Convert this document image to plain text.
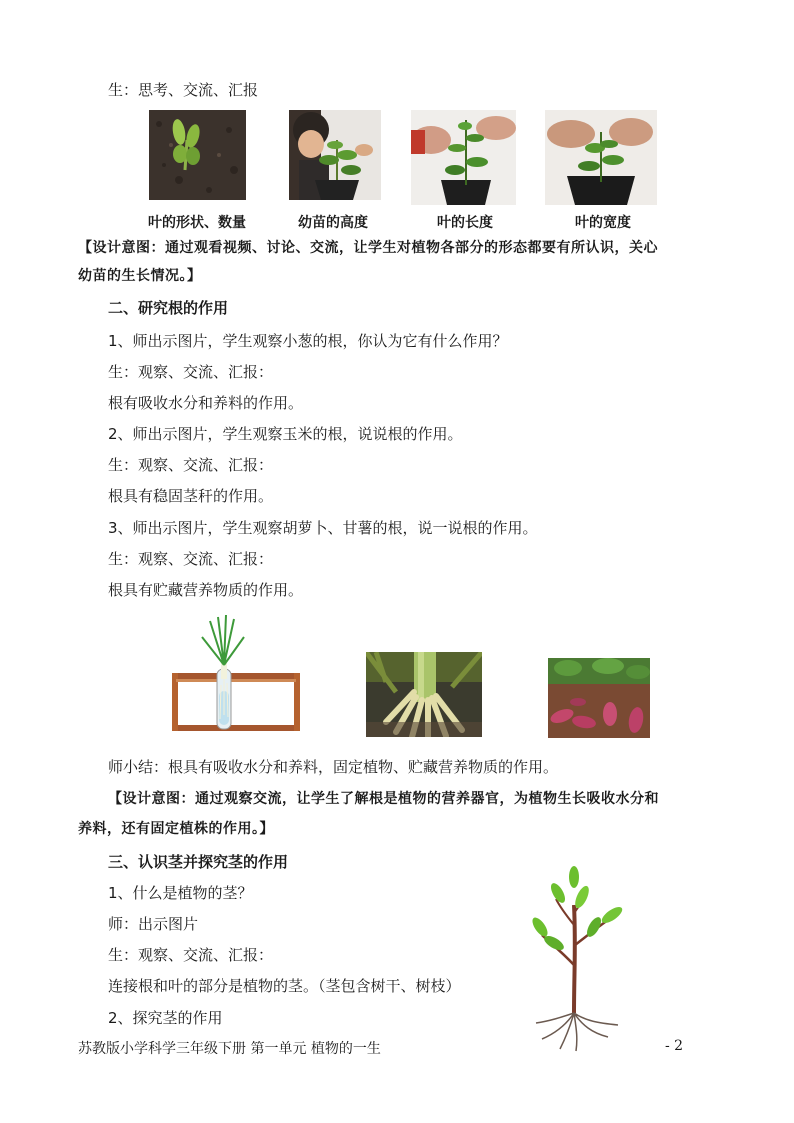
生：思考、交流、汇报
叶的形状、数量	幼苗的高度	叶的长度	叶的宽度
【设计意图：通过观看视频、讨论、交流，让学生对植物各部分的形态都要有所认识，关心
幼苗的生长情况。】
二、研究根的作用
1、师出示图片，学生观察小葱的根，你认为它有什么作用？
生：观察、交流、汇报：
根有吸收水分和养料的作用。
2、师出示图片，学生观察玉米的根，说说根的作用。
生：观察、交流、汇报：
根具有稳固茎秆的作用。
3、师出示图片，学生观察胡萝卜、甘薯的根，说一说根的作用。
生：观察、交流、汇报：
根具有贮藏营养物质的作用。
师小结：根具有吸收水分和养料，固定植物、贮藏营养物质的作用。
【设计意图：通过观察交流，让学生了解根是植物的营养器官，为植物生长吸收水分和
养料，还有固定植株的作用。】
三、认识茎并探究茎的作用
1、什么是植物的茎？
师：出示图片
生：观察、交流、汇报：
连接根和叶的部分是植物的茎。（茎包含树干、树枝）
2、探究茎的作用
苏教版小学科学三年级下册 第一单元 植物的一生	- 2
